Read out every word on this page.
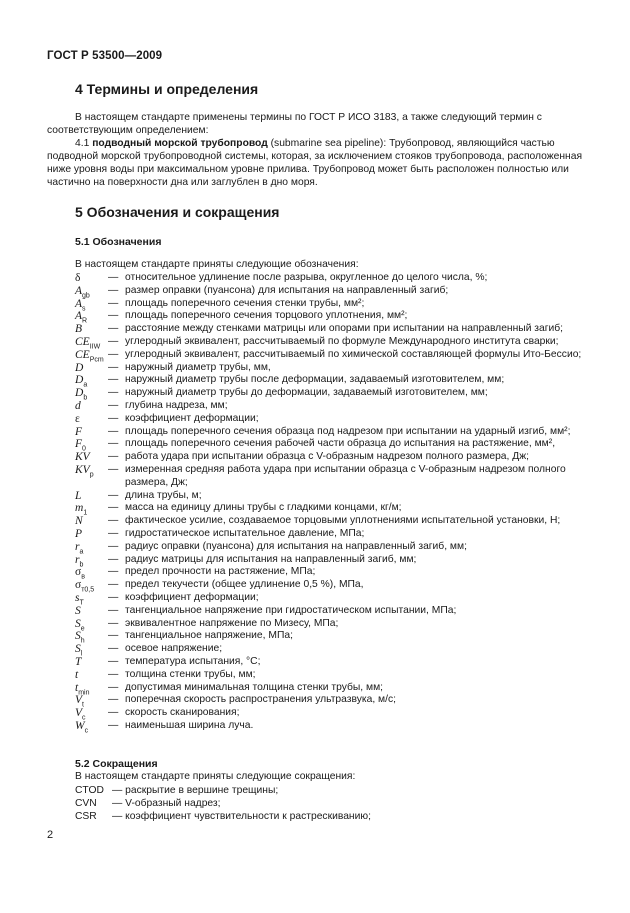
ГОСТ Р 53500—2009
4 Термины и определения
В настоящем стандарте применены термины по ГОСТ Р ИСО 3183, а также следующий термин с соответствующим определением:
4.1 подводный морской трубопровод (submarine sea pipeline): Трубопровод, являющийся частью подводной морской трубопроводной системы, которая, за исключением стояков трубопровода, расположенная ниже уровня воды при максимальном уровне прилива. Трубопровод может быть расположен полностью или частично на поверхности дна или заглублен в дно моря.
5 Обозначения и сокращения
5.1 Обозначения
В настоящем стандарте приняты следующие обозначения:
δ	— относительное удлинение после разрыва, округленное до целого числа, %;
$A_{gb}$	— размер оправки (пуансона) для испытания на направленный загиб;
$A_s$	— площадь поперечного сечения стенки трубы, мм²;
$A_R$	— площадь поперечного сечения торцового уплотнения, мм²;
B	— расстояние между стенками матрицы или опорами при испытании на направленный загиб;
$CE_{IIW}$ — углеродный эквивалент, рассчитываемый по формуле Международного института сварки;
$CE_{Pcm}$ — углеродный эквивалент, рассчитываемый по химической составляющей формулы Ито-Бессио;
D	— наружный диаметр трубы, мм,
$D_a$	— наружный диаметр трубы после деформации, задаваемый изготовителем, мм;
$D_b$	— наружный диаметр трубы до деформации, задаваемый изготовителем, мм;
d	— глубина надреза, мм;
ε	— коэффициент деформации;
F	— площадь поперечного сечения образца под надрезом при испытании на ударный изгиб, мм²;
$F_0$	— площадь поперечного сечения рабочей части образца до испытания на растяжение, мм²,
KV	— работа удара при испытании образца с V-образным надрезом полного размера, Дж;
$KV_p$	— измеренная средняя работа удара при испытании образца с V-образным надрезом полного размера, Дж;
L	— длина трубы, м;
$m_1$	— масса на единицу длины трубы с гладкими концами, кг/м;
N	— фактическое усилие, создаваемое торцовыми уплотнениями испытательной установки, Н;
P	— гидростатическое испытательное давление, МПа;
$r_a$	— радиус оправки (пуансона) для испытания на направленный загиб, мм;
$r_b$	— радиус матрицы для испытания на направленный загиб, мм;
$\sigma_в$	— предел прочности на растяжение, МПа;
$\sigma_{т0,5}$	— предел текучести (общее удлинение 0,5 %), МПа,
$s_T$	— коэффициент деформации;
S	— тангенциальное напряжение при гидростатическом испытании, МПа;
$S_e$	— эквивалентное напряжение по Мизесу, МПа;
$S_h$	— тангенциальное напряжение, МПа;
$S_l$	— осевое напряжение;
T	— температура испытания, °С;
t	— толщина стенки трубы, мм;
$t_{min}$	— допустимая минимальная толщина стенки трубы, мм;
$V_t$	— поперечная скорость распространения ультразвука, м/с;
$V_c$	— скорость сканирования;
$W_c$	— наименьшая ширина луча.
5.2 Сокращения
В настоящем стандарте приняты следующие сокращения:
CTOD — раскрытие в вершине трещины;
CVN — V-образный надрез;
CSR — коэффициент чувствительности к растрескиванию;
2
